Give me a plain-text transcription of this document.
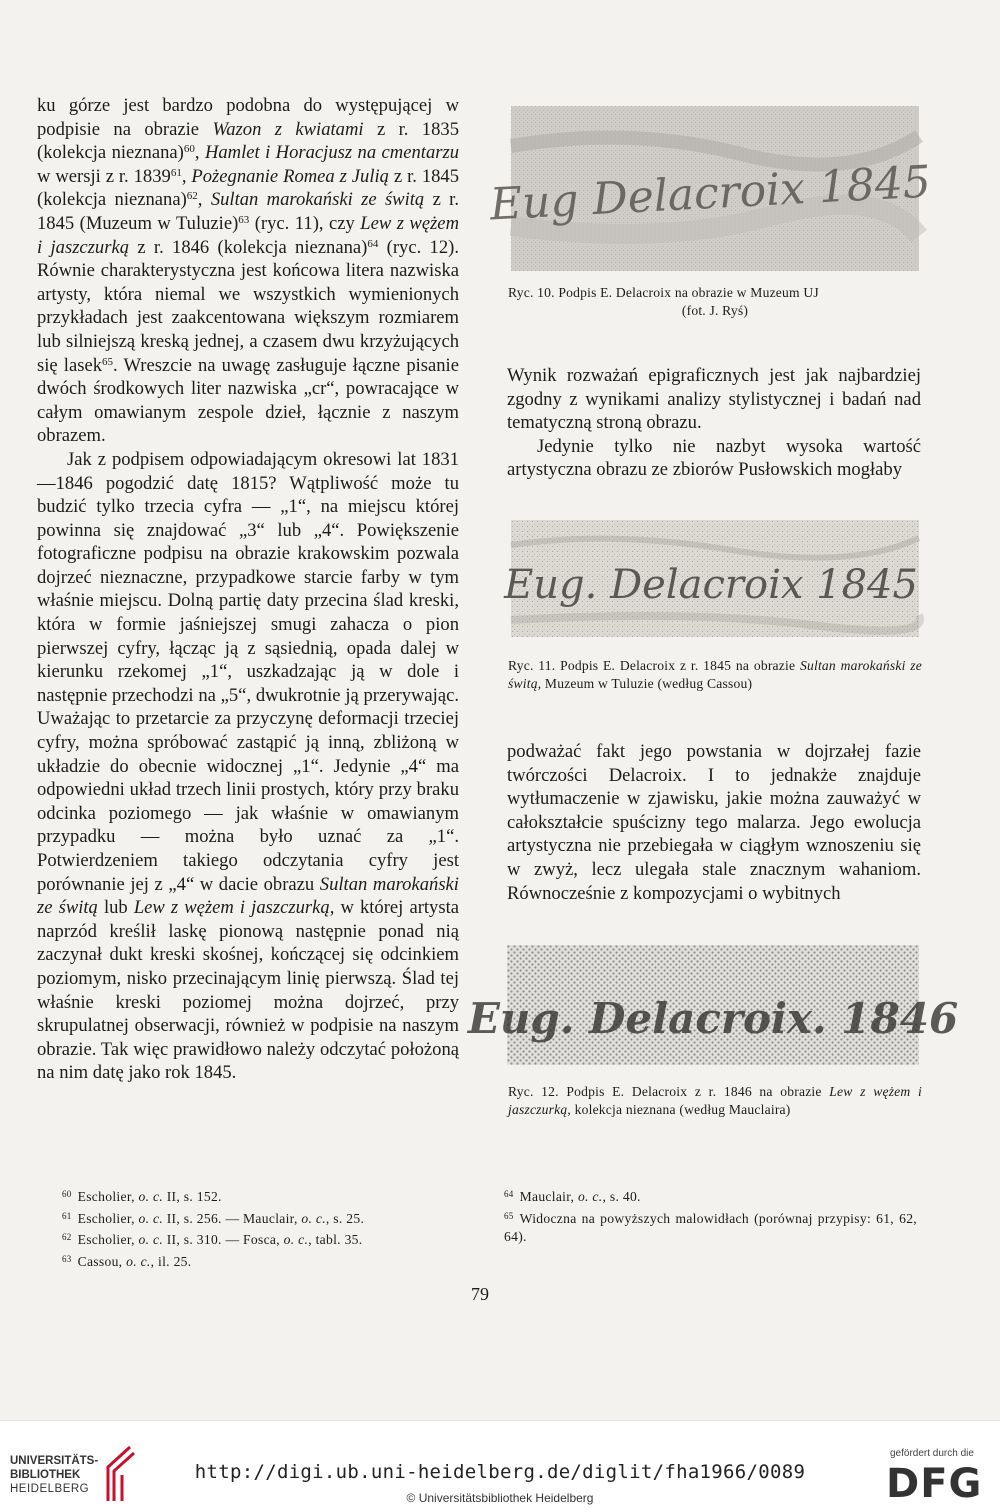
ku górze jest bardzo podobna do występującej w podpisie na obrazie Wazon z kwiatami z r. 1835 (kolekcja nieznana)$^{60}$, Hamlet i Horacjusz na cmentarzu w wersji z r. 1839$^{61}$, Pożegnanie Romea z Julią z r. 1845 (kolekcja nieznana)$^{62}$, Sultan marokański ze świtą z r. 1845 (Muzeum w Tuluzie)$^{63}$ (ryc. 11), czy Lew z wężem i jaszczurką z r. 1846 (kolekcja nieznana)$^{64}$ (ryc. 12). Równie charakterystyczna jest końcowa litera nazwiska artysty, która niemal we wszystkich wymienionych przykładach jest zaakcentowana większym rozmiarem lub silniejszą kreską jednej, a czasem dwu krzyżujących się lasek$^{65}$. Wreszcie na uwagę zasługuje łączne pisanie dwóch środkowych liter nazwiska „cr“, powracające w całym omawianym zespole dzieł, łącznie z naszym obrazem.

Jak z podpisem odpowiadającym okresowi lat 1831—1846 pogodzić datę 1815? Wątpliwość może tu budzić tylko trzecia cyfra — „1“, na miejscu której powinna się znajdować „3“ lub „4“. Powiększenie fotograficzne podpisu na obrazie krakowskim pozwala dojrzeć nieznaczne, przypadkowe starcie farby w tym właśnie miejscu. Dolną partię daty przecina ślad kreski, która w formie jaśniejszej smugi zahacza o pion pierwszej cyfry, łącząc ją z sąsiednią, opada dalej w kierunku rzekomej „1“, uszkadzając ją w dole i następnie przechodzi na „5“, dwukrotnie ją przerywając. Uważając to przetarcie za przyczynę deformacji trzeciej cyfry, można spróbować zastąpić ją inną, zbliżoną w układzie do obecnie widocznej „1“. Jedynie „4“ ma odpowiedni układ trzech linii prostych, który przy braku odcinka poziomego — jak właśnie w omawianym przypadku — można było uznać za „1“. Potwierdzeniem takiego odczytania cyfry jest porównanie jej z „4“ w dacie obrazu Sultan marokański ze świtą lub Lew z wężem i jaszczurką, w której artysta naprzód kreślił laskę pionową następnie ponad nią zaczynał dukt kreski skośnej, kończącej się odcinkiem poziomym, nisko przecinającym linię pierwszą. Ślad tej właśnie kreski poziomej można dojrzeć, przy skrupulatnej obserwacji, również w podpisie na naszym obrazie. Tak więc prawidłowo należy odczytać położoną na nim datę jako rok 1845.

Eug Delacroix 1845
Ryc. 10. Podpis E. Delacroix na obrazie w Muzeum UJ
(fot. J. Ryś)

Wynik rozważań epigraficznych jest jak najbardziej zgodny z wynikami analizy stylistycznej i badań nad tematyczną stroną obrazu.

Jedynie tylko nie nazbyt wysoka wartość artystyczna obrazu ze zbiorów Pusłowskich mogłaby

Eug. Delacroix 1845
Ryc. 11. Podpis E. Delacroix z r. 1845 na obrazie Sultan marokański ze świtą, Muzeum w Tuluzie (według Cassou)

podważać fakt jego powstania w dojrzałej fazie twórczości Delacroix. I to jednakże znajduje wytłumaczenie w zjawisku, jakie można zauważyć w całokształcie spuścizny tego malarza. Jego ewolucja artystyczna nie przebiegała w ciągłym wznoszeniu się w zwyż, lecz ulegała stale znacznym wahaniom. Równocześnie z kompozycjami o wybitnych

Eug. Delacroix. 1846
Ryc. 12. Podpis E. Delacroix z r. 1846 na obrazie Lew z wężem i jaszczurką, kolekcja nieznana (według Mauclaira)
$^{60}$ Escholier, o. c. II, s. 152.
$^{61}$ Escholier, o. c. II, s. 256. — Mauclair, o. c., s. 25.
$^{62}$ Escholier, o. c. II, s. 310. — Fosca, o. c., tabl. 35.
$^{63}$ Cassou, o. c., il. 25.
$^{64}$ Mauclair, o. c., s. 40.
$^{65}$ Widoczna na powyższych malowidłach (porównaj przypisy: 61, 62, 64).
79
UNIVERSITÄTS-
BIBLIOTHEK
HEIDELBERG
http://digi.ub.uni-heidelberg.de/diglit/fha1966/0089
© Universitätsbibliothek Heidelberg
gefördert durch die
DFG
